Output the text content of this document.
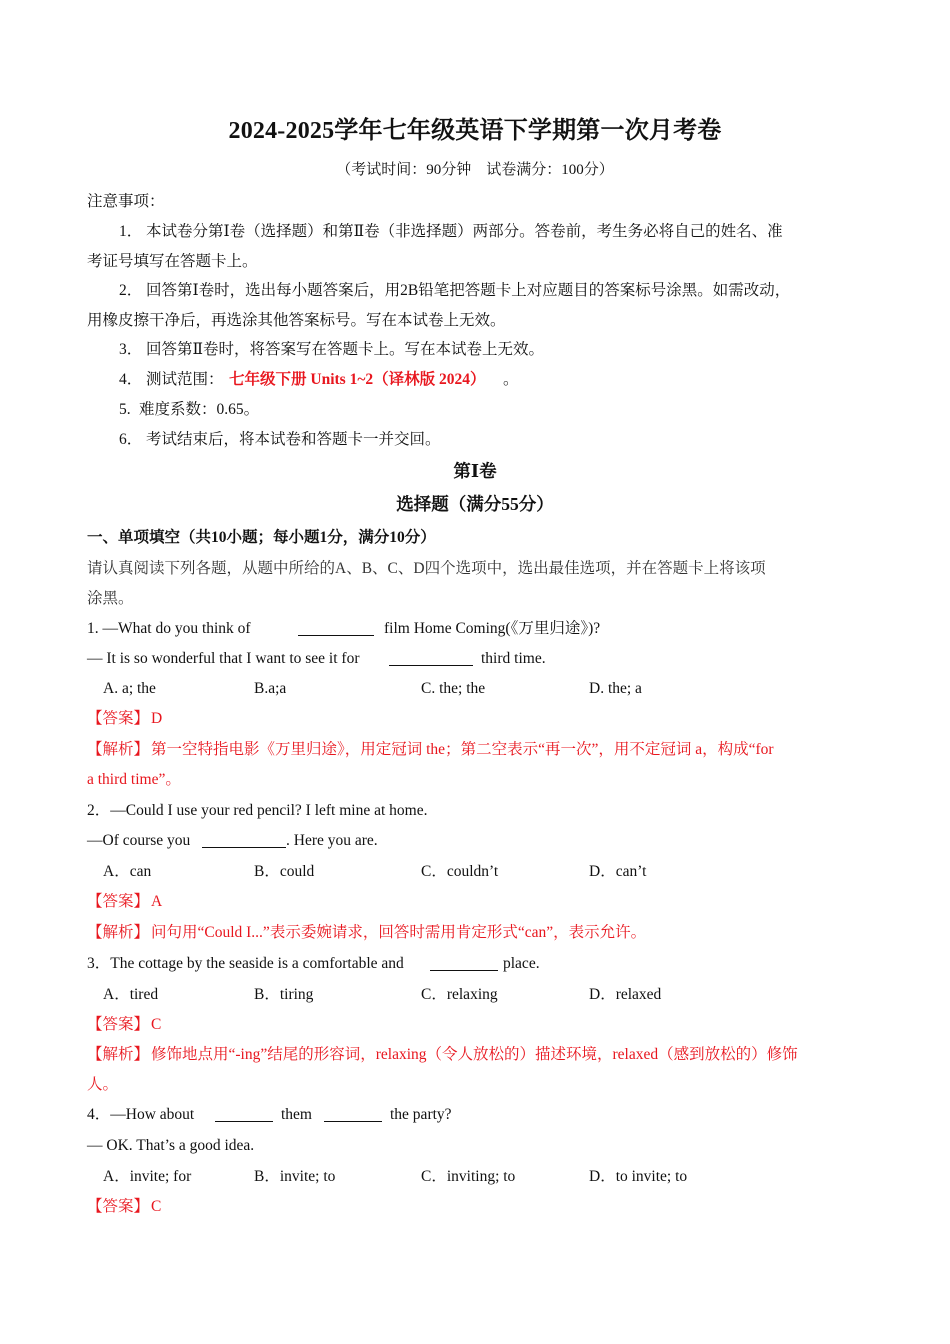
2024-2025学年七年级英语下学期第一次月考卷
（考试时间：90分钟　试卷满分：100分）
注意事项：
1． 本试卷分第Ⅰ卷（选择题）和第Ⅱ卷（非选择题）两部分。答卷前，考生务必将自己的姓名、准
考证号填写在答题卡上。
2． 回答第Ⅰ卷时，选出每小题答案后，用2B铅笔把答题卡上对应题目的答案标号涂黑。如需改动，
用橡皮擦干净后，再选涂其他答案标号。写在本试卷上无效。
3． 回答第Ⅱ卷时，将答案写在答题卡上。写在本试卷上无效。
4． 测试范围： 七年级下册 Units 1~2（译林版 2024） 。
5. 难度系数：0.65。
6． 考试结束后，将本试卷和答题卡一并交回。
第Ⅰ卷
选择题（满分55分）
一、单项填空（共10小题；每小题1分，满分10分）
请认真阅读下列各题，从题中所给的A、B、C、D四个选项中，选出最佳选项，并在答题卡上将该项
涂黑。
1. —What do you think of	film Home Coming(《万里归途》)?
— It is so wonderful that I want to see it for	third time.
A. a; the	B.a;a	C. the; the	D. the; a
【答案】 D
【解析】 第一空特指电影《万里归途》，用定冠词 the；第二空表示“再一次”，用不定冠词 a，构成“for
a third time”。
2．—Could I use your red pencil? I left mine at home.
—Of course you	. Here you are.
A．can	B．could	C．couldn’t	D．can’t
【答案】 A
【解析】 问句用“Could I...”表示委婉请求，回答时需用肯定形式“can”，表示允许。
3．The cottage by the seaside is a comfortable and	place.
A．tired	B．tiring	C．relaxing	D．relaxed
【答案】 C
【解析】 修饰地点用“-ing”结尾的形容词，relaxing（令人放松的）描述环境，relaxed（感到放松的）修饰
人。
4．—How about	them	the party?
— OK. That’s a good idea.
A．invite; for	B．invite; to	C．inviting; to	D．to invite; to
【答案】 C
